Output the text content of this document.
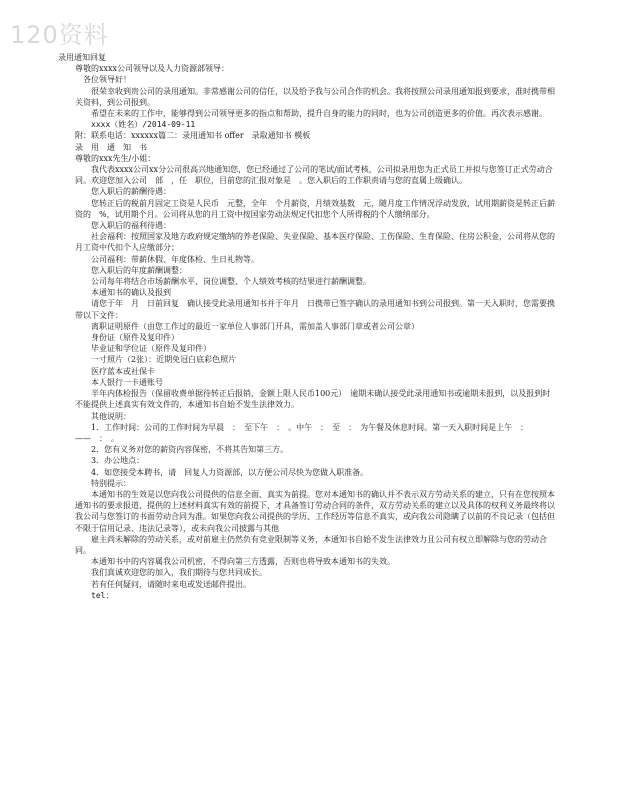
120资料

录用通知回复

尊敬的xxxx公司领导以及人力资源部领导：

各位领导好！

很荣幸收到贵公司的录用通知。非常感谢公司的信任，以及给予我与公司合作的机会。我将按照公司录用通知报到要求，准时携带相关资料，到公司报到。

希望在未来的工作中，能够得到公司领导更多的指点和帮助，提升自身的能力的同时，也为公司创造更多的价值。再次表示感谢。

xxxx（姓名）/2014-09-11

附：联系电话：xxxxxx篇二：录用通知书 offer　录取通知书 模板

录　用　通　知　书

尊敬的xxx先生/小姐：

我代表xxxx公司xx分公司很高兴地通知您，您已经通过了公司的笔试/面试考核，公司拟录用您为正式员工并拟与您签订正式劳动合同。欢迎您加入公司　部　，任　职位，目前您的汇报对象是　。您入职后的工作职责请与您的直属上级确认。

您入职后的薪酬待遇：

您转正后的税前月固定工资是人民币　元整，全年　个月薪资，月绩效基数　元，随月度工作情况浮动发放，试用期薪资是转正后薪资的　%，试用期个月。公司将从您的月工资中按国家劳动法规定代扣您个人所得税的个人缴纳部分。

您入职后的福利待遇：

社会福利：按照国家及地方政府规定缴纳的养老保险、失业保险、基本医疗保险、工伤保险、生育保险、住房公积金，公司将从您的月工资中代扣个人应缴部分；

公司福利：带薪休假、年度体检、生日礼物等。

您入职后的年度薪酬调整：

公司每年将结合市场薪酬水平、岗位调整、个人绩效考核的结果进行薪酬调整。

本通知书的确认及报到

请您于年　月　日前回复　确认接受此录用通知书并于年月　日携带已签字确认的录用通知书到公司报到。第一天入职时，您需要携带以下文件：

离职证明原件（由您工作过的最近一家单位人事部门开具，需加盖人事部门章或者公司公章）

身份证（原件及复印件）

毕业证和学位证（原件及复印件）

一寸照片（2张）：近期免冠白底彩色照片

医疗蓝本或社保卡

本人银行一卡通账号

半年内体检报告（保留收费单据待转正后报销，金额上限人民币100元）　逾期未确认接受此录用通知书或逾期未报到，以及报到时不能提供上述真实有效文件的，本通知书自始不发生法律效力。

其他说明：

1．工作时间：公司的工作时间为早晨　：　至下午　：　。中午　：　至　：　为午餐及休息时间。第一天入职时间是上午　：　——　：　。

2．您有义务对您的薪资内容保密，不将其告知第三方。

3．办公地点：

4．如您接受本聘书，请　回复人力资源部，以方便公司尽快为您做入职准备。

特别提示：

本通知书的生效是以您向我公司提供的信息全面、真实为前提。您对本通知书的确认并不表示双方劳动关系的建立，只有在您按照本通知书的要求报道、提供的上述材料真实有效的前提下，才具备签订劳动合同的条件，双方劳动关系的建立以及具体的权利义务最终将以我公司与您签订的书面劳动合同为准。如果您向我公司提供的学历、工作经历等信息不真实，或向我公司隐瞒了以前的不良记录（包括但不限于信用记录、违法记录等），或未向我公司披露与其他

雇主尚未解除的劳动关系，或对前雇主仍然负有竞业限制等义务，本通知书自始不发生法律效力且公司有权立即解除与您的劳动合同。

本通知书中的内容属我公司机密，不得向第三方透露，否则也将导致本通知书的失效。

我们真诚欢迎您的加入，我们期待与您共同成长。

若有任何疑问，请随时来电或发送邮件提出。

tel：
